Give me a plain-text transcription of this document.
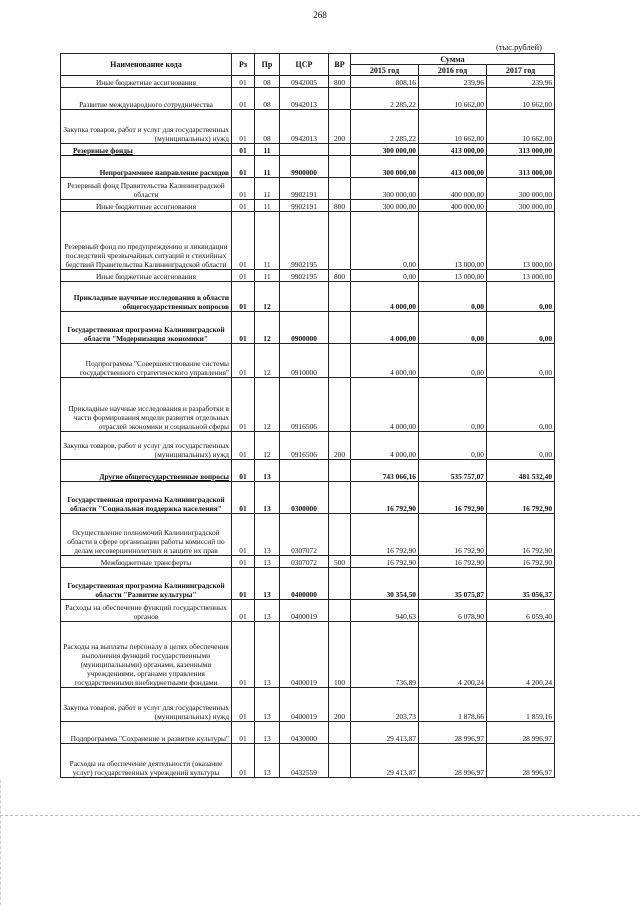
268
(тыс.рублей)
Наименование кода	Рз	Пр	ЦСР	ВР	Сумма		
					2015 год	2016 год	2017 год
Иные бюджетные ассигнования	01	08	0942005	800	808,16	239,96	239,96
Развитие международного сотрудничества	01	08	0942013		2 285,22	10 662,00	10 662,00
Закупка товаров, работ и услуг для государственных (муниципальных) нужд	01	08	0942013	200	2 285,22	10 662,00	10 662,00
Резервные фонды	01	11			300 000,00	413 000,00	313 000,00
Непрограммное направление расходов	01	11	9900000		300 000,00	413 000,00	313 000,00
Резервный фонд Правительства Калининградской области	01	11	9902191		300 000,00	400 000,00	300 000,00
Иные бюджетные ассигнования	01	11	9902191	800	300 000,00	400 000,00	300 000,00
Резервный фонд по предупреждению и ликвидации последствий чрезвычайных ситуаций и стихийных бедствий Правительства Калининградской области	01	11	9902195		0,00	13 000,00	13 000,00
Иные бюджетные ассигнования	01	11	9902195	800	0,00	13 000,00	13 000,00
Прикладные научные исследования в области общегосударственных вопросов	01	12			4 000,00	0,00	0,00
Государственная программа Калининградской области "Модернизация экономики"	01	12	0900000		4 000,00	0,00	0,00
Подпрограмма "Совершенствование системы государственного стратегического управления"	01	12	0910000		4 000,00	0,00	0,00
Прикладные научные исследования и разработки в части формирования модели развития отдельных отраслей экономики и социальной сферы	01	12	0916506		4 000,00	0,00	0,00
Закупка товаров, работ и услуг для государственных (муниципальных) нужд	01	12	0916506	200	4 000,00	0,00	0,00
Другие общегосударственные вопросы	01	13			743 066,16	535 757,07	481 532,40
Государственная программа Калининградской области "Социальная поддержка населения"	01	13	0300000		16 792,90	16 792,90	16 792,90
Осуществление полномочий Калининградской области в сфере организации работы комиссий по делам несовершеннолетних и защите их прав	01	13	0307072		16 792,90	16 792,90	16 792,90
Межбюджетные трансферты	01	13	0307072	500	16 792,90	16 792,90	16 792,90
Государственная программа Калининградской области "Развитие культуры"	01	13	0400000		30 354,50	35 075,87	35 056,37
Расходы на обеспечение функций государственных органов	01	13	0400019		940,63	6 078,90	6 059,40
Расходы на выплаты персоналу в целях обеспечения выполнения функций государственными (муниципальными) органами, казенными учреждениями, органами управления государственными внебюджетными фондами	01	13	0400019	100	736,89	4 200,24	4 200,24
Закупка товаров, работ и услуг для государственных (муниципальных) нужд	01	13	0400019	200	203,73	1 878,66	1 859,16
Подпрограмма "Сохранение и развитие культуры"	01	13	0430000		29 413,87	28 996,97	28 996,97
Расходы на обеспечение деятельности (оказание услуг) государственных учреждений культуры	01	13	0432559		29 413,87	28 996,97	28 996,97
